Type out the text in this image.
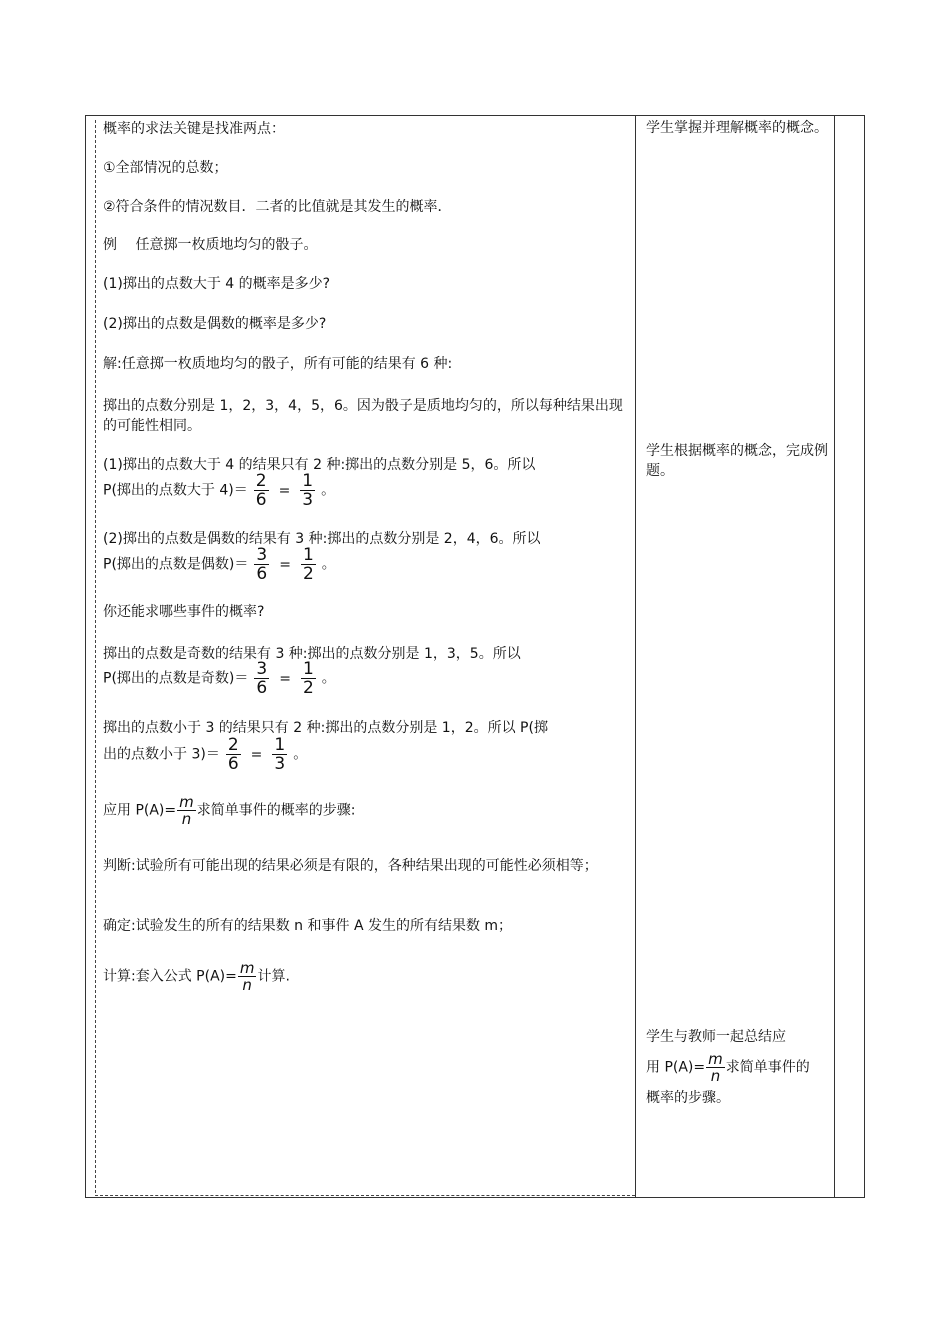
概率的求法关键是找准两点：
①全部情况的总数；
②符合条件的情况数目．二者的比值就是其发生的概率．
例　 任意掷一枚质地均匀的骰子。
(1)掷出的点数大于 4 的概率是多少?
(2)掷出的点数是偶数的概率是多少?
解:任意掷一枚质地均匀的骰子，所有可能的结果有 6 种:
掷出的点数分别是 1，2，3，4，5，6。因为骰子是质地均匀的，所以每种结果出现的可能性相同。
(1)掷出的点数大于 4 的结果只有 2 种:掷出的点数分别是 5，6。所以
P(掷出的点数大于 $4)= \frac{2}{6} = \frac{1}{3}$ 。
(2)掷出的点数是偶数的结果有 3 种:掷出的点数分别是 2，4，6。所以
P(掷出的点数是偶数)＝ $\frac{3}{6} = \frac{1}{2}$ 。
你还能求哪些事件的概率?
掷出的点数是奇数的结果有 3 种:掷出的点数分别是 1，3，5。所以
P(掷出的点数是奇数)＝ $\frac{3}{6} = \frac{1}{2}$ 。
掷出的点数小于 3 的结果只有 2 种:掷出的点数分别是 1，2。所以 P(掷
出的点数小于 $3)= \frac{2}{6} = \frac{1}{3}$ 。
应用 $P(A)= \frac{m}{n}$ 求简单事件的概率的步骤:
判断:试验所有可能出现的结果必须是有限的，各种结果出现的可能性必须相等；
确定:试验发生的所有的结果数 n 和事件 A 发生的所有结果数 m；
计算:套入公式 $P(A)= \frac{m}{n}$ 计算.
学生掌握并理解概率的概念。
学生根据概率的概念，完成例题。
学生与教师一起总结应
用 $P(A)= \frac{m}{n}$ 求简单事件的
概率的步骤。
